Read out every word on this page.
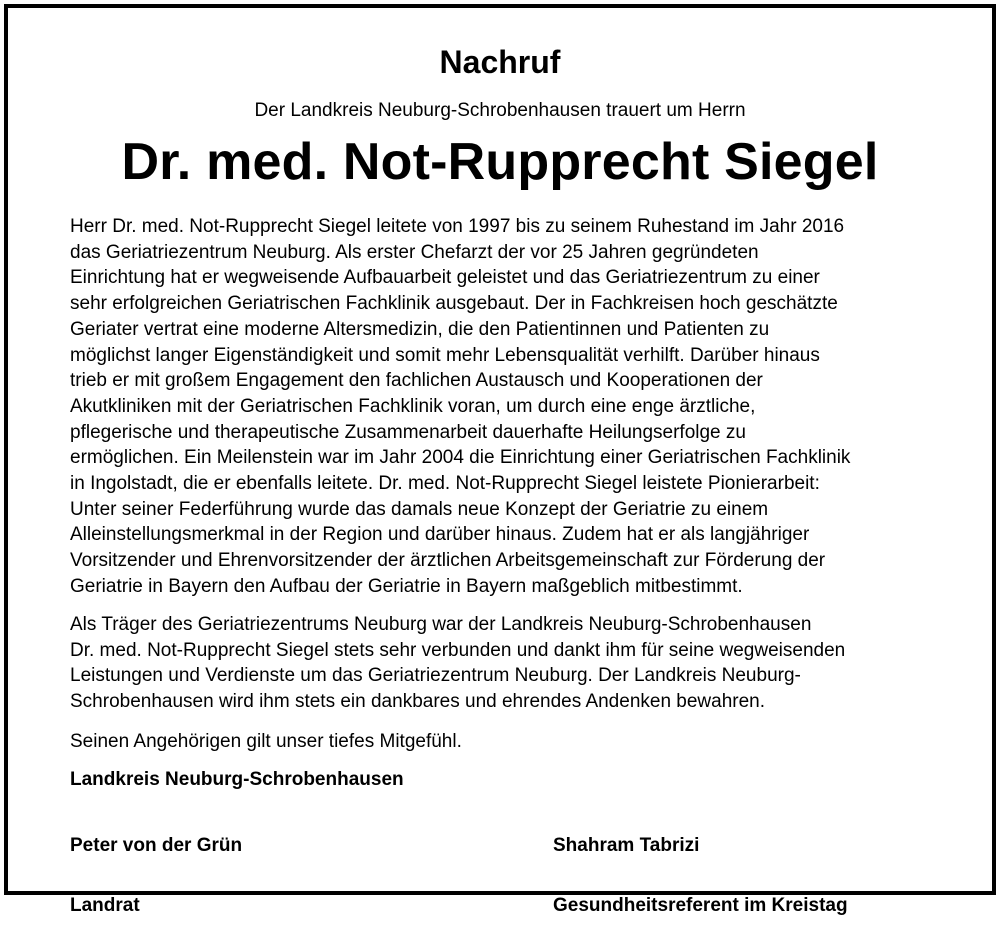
Nachruf

Der Landkreis Neuburg-Schrobenhausen trauert um Herrn

Dr. med. Not-Rupprecht Siegel

Herr Dr. med. Not-Rupprecht Siegel leitete von 1997 bis zu seinem Ruhestand im Jahr 2016
das Geriatriezentrum Neuburg. Als erster Chefarzt der vor 25 Jahren gegründeten
Einrichtung hat er wegweisende Aufbauarbeit geleistet und das Geriatriezentrum zu einer
sehr erfolgreichen Geriatrischen Fachklinik ausgebaut. Der in Fachkreisen hoch geschätzte
Geriater vertrat eine moderne Altersmedizin, die den Patientinnen und Patienten zu
möglichst langer Eigenständigkeit und somit mehr Lebensqualität verhilft. Darüber hinaus
trieb er mit großem Engagement den fachlichen Austausch und Kooperationen der
Akutkliniken mit der Geriatrischen Fachklinik voran, um durch eine enge ärztliche,
pflegerische und therapeutische Zusammenarbeit dauerhafte Heilungserfolge zu
ermöglichen. Ein Meilenstein war im Jahr 2004 die Einrichtung einer Geriatrischen Fachklinik
in Ingolstadt, die er ebenfalls leitete. Dr. med. Not-Rupprecht Siegel leistete Pionierarbeit:
Unter seiner Federführung wurde das damals neue Konzept der Geriatrie zu einem
Alleinstellungsmerkmal in der Region und darüber hinaus. Zudem hat er als langjähriger
Vorsitzender und Ehrenvorsitzender der ärztlichen Arbeitsgemeinschaft zur Förderung der
Geriatrie in Bayern den Aufbau der Geriatrie in Bayern maßgeblich mitbestimmt.

Als Träger des Geriatriezentrums Neuburg war der Landkreis Neuburg-Schrobenhausen
Dr. med. Not-Rupprecht Siegel stets sehr verbunden und dankt ihm für seine wegweisenden
Leistungen und Verdienste um das Geriatriezentrum Neuburg. Der Landkreis Neuburg-
Schrobenhausen wird ihm stets ein dankbares und ehrendes Andenken bewahren.

Seinen Angehörigen gilt unser tiefes Mitgefühl.

Landkreis Neuburg-Schrobenhausen

Peter von der Grün

Landrat

Shahram Tabrizi

Gesundheitsreferent im Kreistag
